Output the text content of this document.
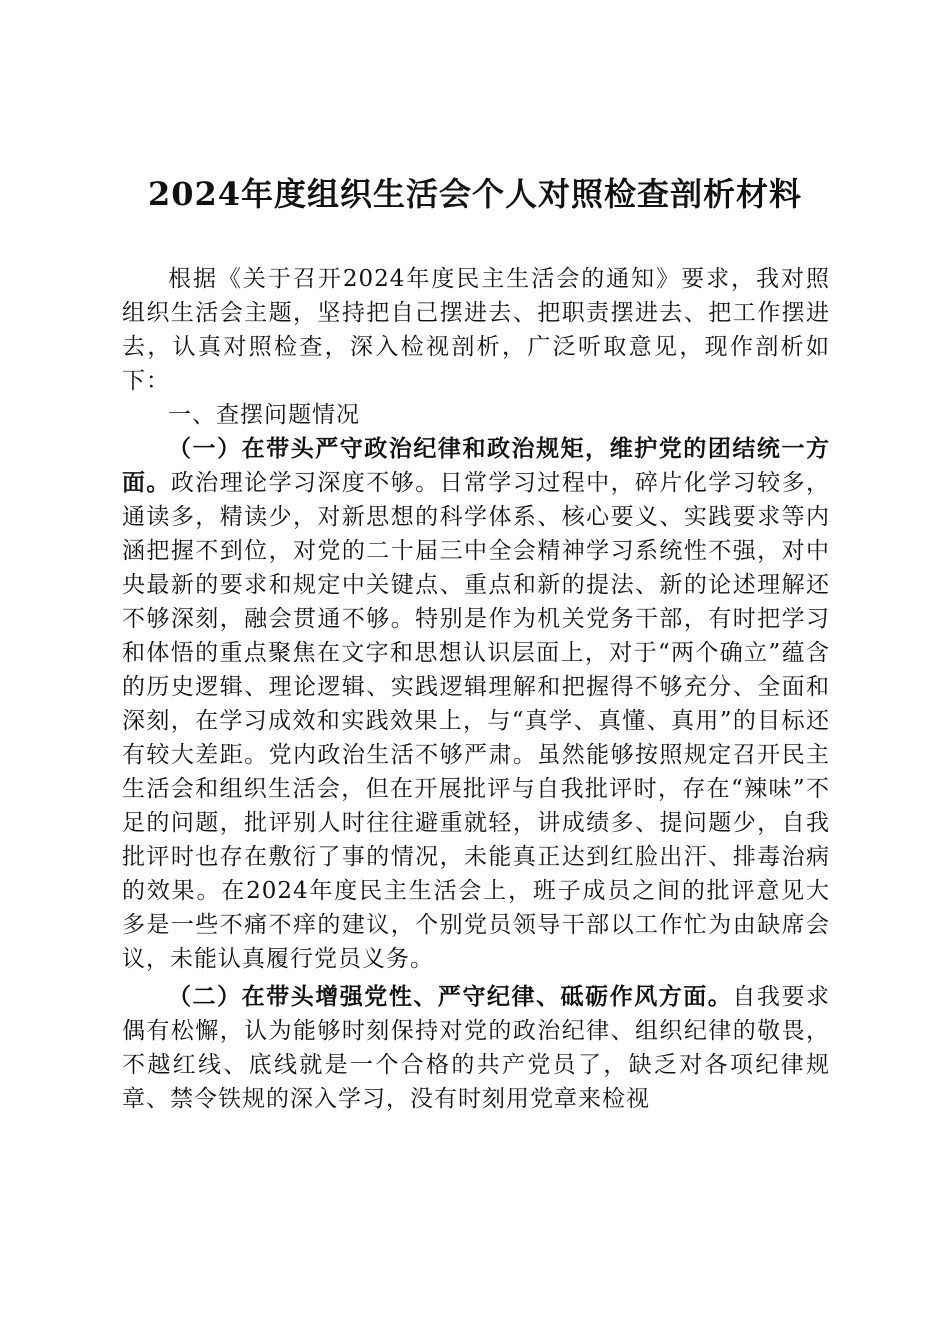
2024年度组织生活会个人对照检查剖析材料

根据《关于召开2024年度民主生活会的通知》要求，我对照组织生活会主题，坚持把自己摆进去、把职责摆进去、把工作摆进去，认真对照检查，深入检视剖析，广泛听取意见，现作剖析如下：

一、查摆问题情况

（一）在带头严守政治纪律和政治规矩，维护党的团结统一方面。政治理论学习深度不够。日常学习过程中，碎片化学习较多，通读多，精读少，对新思想的科学体系、核心要义、实践要求等内涵把握不到位，对党的二十届三中全会精神学习系统性不强，对中央最新的要求和规定中关键点、重点和新的提法、新的论述理解还不够深刻，融会贯通不够。特别是作为机关党务干部，有时把学习和体悟的重点聚焦在文字和思想认识层面上，对于“两个确立”蕴含的历史逻辑、理论逻辑、实践逻辑理解和把握得不够充分、全面和深刻，在学习成效和实践效果上，与“真学、真懂、真用”的目标还有较大差距。党内政治生活不够严肃。虽然能够按照规定召开民主生活会和组织生活会，但在开展批评与自我批评时，存在“辣味”不足的问题，批评别人时往往避重就轻，讲成绩多、提问题少，自我批评时也存在敷衍了事的情况，未能真正达到红脸出汗、排毒治病的效果。在2024年度民主生活会上，班子成员之间的批评意见大多是一些不痛不痒的建议，个别党员领导干部以工作忙为由缺席会议，未能认真履行党员义务。

（二）在带头增强党性、严守纪律、砥砺作风方面。自我要求偶有松懈，认为能够时刻保持对党的政治纪律、组织纪律的敬畏，不越红线、底线就是一个合格的共产党员了，缺乏对各项纪律规章、禁令铁规的深入学习，没有时刻用党章来检视
